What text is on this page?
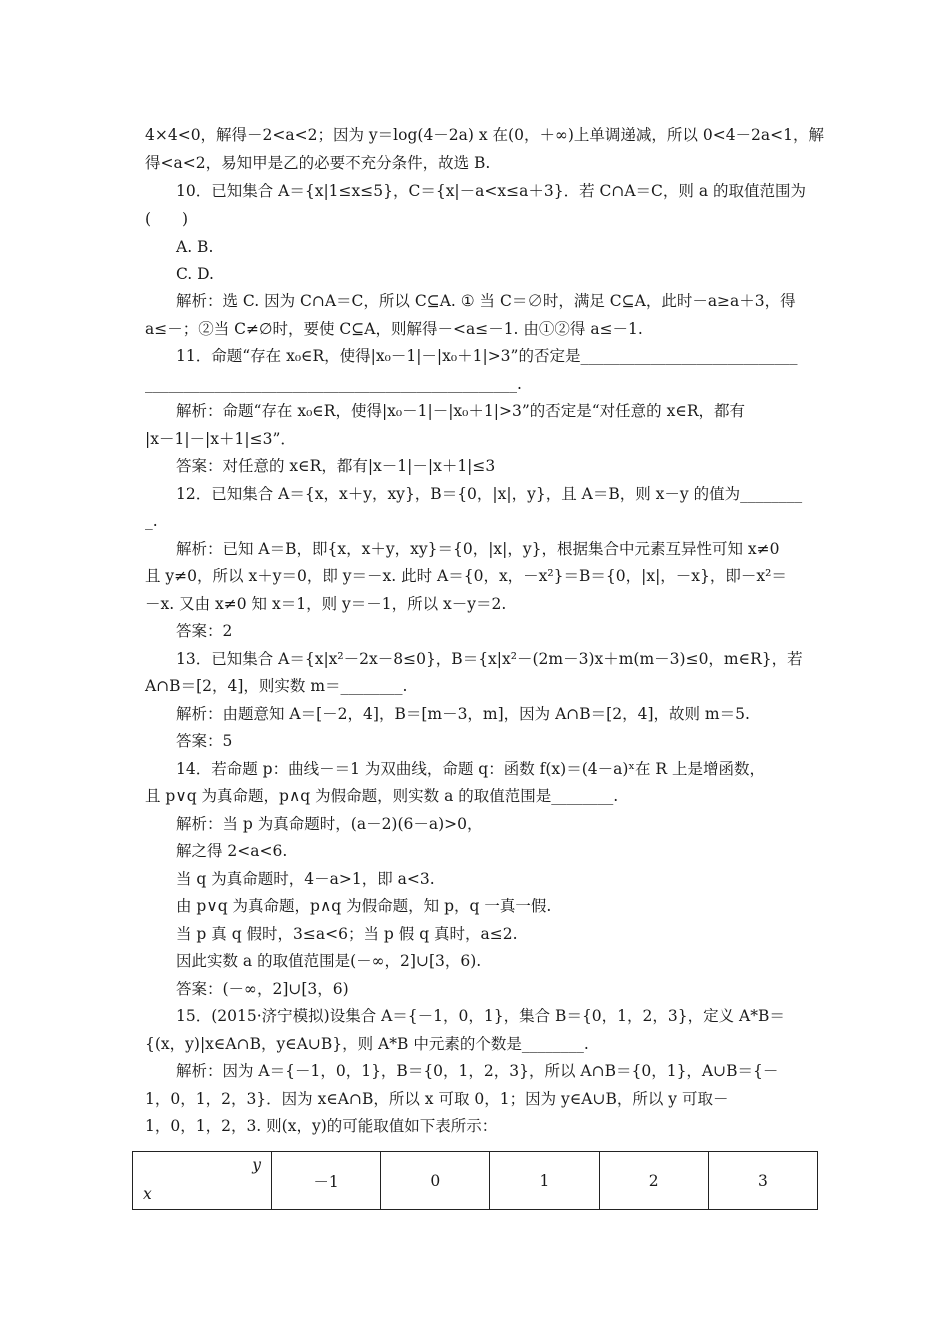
4×4<0，解得－2<a<2；因为 y＝log(4－2a) x 在(0，＋∞)上单调递减，所以 0<4－2a<1，解
得<a<2，易知甲是乙的必要不充分条件，故选 B.
10．已知集合 A＝{x|1≤x≤5}，C＝{x|－a<x≤a＋3}．若 C∩A＝C，则 a 的取值范围为
(　　)
A. B.
C. D.
解析：选 C. 因为 C∩A＝C，所以 C⊆A. ① 当 C＝∅时，满足 C⊆A，此时－a≥a＋3，得
a≤－；②当 C≠∅时，要使 C⊆A，则解得－<a≤－1. 由①②得 a≤－1.
11．命题“存在 x₀∈R，使得|x₀－1|－|x₀＋1|>3”的否定是____________________________
________________________________________________.
解析：命题“存在 x₀∈R，使得|x₀－1|－|x₀＋1|>3”的否定是“对任意的 x∈R，都有
|x－1|－|x＋1|≤3”．
答案：对任意的 x∈R，都有|x－1|－|x＋1|≤3
12．已知集合 A＝{x，x＋y，xy}，B＝{0，|x|，y}，且 A＝B，则 x－y 的值为________
_.
解析：已知 A＝B，即{x，x＋y，xy}＝{0，|x|，y}，根据集合中元素互异性可知 x≠0
且 y≠0，所以 x＋y＝0，即 y＝－x. 此时 A＝{0，x，－x²}＝B＝{0，|x|，－x}，即－x²＝
－x. 又由 x≠0 知 x＝1，则 y＝－1，所以 x－y＝2.
答案：2
13．已知集合 A＝{x|x²－2x－8≤0}，B＝{x|x²－(2m－3)x＋m(m－3)≤0，m∈R}，若
A∩B＝[2，4]，则实数 m＝________.
解析：由题意知 A＝[－2，4]，B＝[m－3，m]，因为 A∩B＝[2，4]，故则 m＝5.
答案：5
14．若命题 p：曲线－＝1 为双曲线，命题 q：函数 f(x)＝(4－a)ˣ在 R 上是增函数，
且 p∨q 为真命题，p∧q 为假命题，则实数 a 的取值范围是________.
解析：当 p 为真命题时，(a－2)(6－a)>0，
解之得 2<a<6.
当 q 为真命题时，4－a>1，即 a<3.
由 p∨q 为真命题，p∧q 为假命题，知 p，q 一真一假.
当 p 真 q 假时，3≤a<6；当 p 假 q 真时，a≤2.
因此实数 a 的取值范围是(－∞，2]∪[3，6).
答案：(－∞，2]∪[3，6)
15．(2015·济宁模拟)设集合 A＝{－1，0，1}，集合 B＝{0，1，2，3}，定义 A*B＝
{(x，y)|x∈A∩B，y∈A∪B}，则 A*B 中元素的个数是________.
解析：因为 A＝{－1，0，1}，B＝{0，1，2，3}，所以 A∩B＝{0，1}，A∪B＝{－
1，0，1，2，3}．因为 x∈A∩B，所以 x 可取 0，1；因为 y∈A∪B，所以 y 可取－
1，0，1，2，3. 则(x，y)的可能取值如下表所示：
y
x
	－1	0	1	2	3
